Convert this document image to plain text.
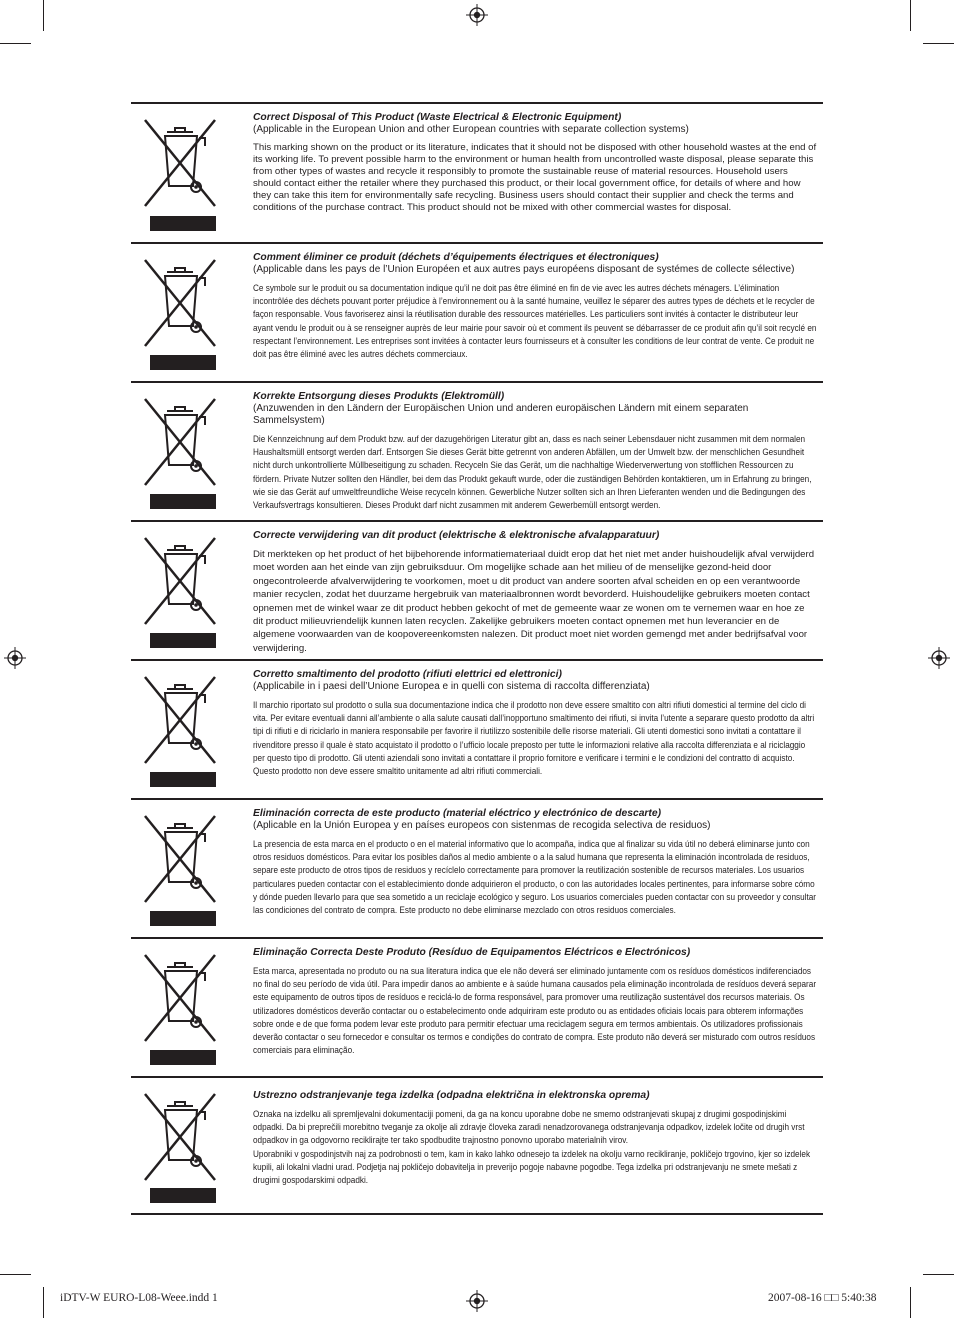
Correct Disposal of This Product (Waste Electrical & Electronic Equipment)

(Applicable in the European Union and other European countries with separate collection systems)

This marking shown on the product or its literature, indicates that it should not be disposed with other household wastes at the end of its working life. To prevent possible harm to the environment or human health from uncontrolled waste disposal, please separate this from other types of wastes and recycle it responsibly to promote the sustainable reuse of material resources. Household users should contact either the retailer where they purchased this product, or their local government office, for details of where and how they can take this item for environmentally safe recycling. Business users should contact their supplier and check the terms and conditions of the purchase contract. This product should not be mixed with other commercial wastes for disposal.

Comment éliminer ce produit (déchets d’équipements électriques et électroniques)

(Applicable dans les pays de l’Union Européen et aux autres pays européens disposant de systémes de collecte sélective)

Ce symbole sur le produit ou sa documentation indique qu’il ne doit pas être éliminé en fin de vie avec les autres déchets ménagers. L’élimination incontrôlée des déchets pouvant porter préjudice à l’environnement ou à la santé humaine, veuillez le séparer des autres types de déchets et le recycler de façon responsable. Vous favoriserez ainsi la réutilisation durable des ressources matérielles. Les particuliers sont invités à contacter le distributeur leur ayant vendu le produit ou à se renseigner auprès de leur mairie pour savoir où et comment ils peuvent se débarrasser de ce produit afin qu’il soit recyclé en respectant l’environnement. Les entreprises sont invitées à contacter leurs fournisseurs et à consulter les conditions de leur contrat de vente. Ce produit ne doit pas être éliminé avec les autres déchets commerciaux.

Korrekte Entsorgung dieses Produkts (Elektromüll)

(Anzuwenden in den Ländern der Europäischen Union und anderen europäischen Ländern mit einem separaten Sammelsystem)

Die Kennzeichnung auf dem Produkt bzw. auf der dazugehörigen Literatur gibt an, dass es nach seiner Lebensdauer nicht zusammen mit dem normalen Haushaltsmüll entsorgt werden darf. Entsorgen Sie dieses Gerät bitte getrennt von anderen Abfällen, um der Umwelt bzw. der menschlichen Gesundheit nicht durch unkontrollierte Müllbeseitigung zu schaden. Recyceln Sie das Gerät, um die nachhaltige Wiederverwertung von stofflichen Ressourcen zu fördern. Private Nutzer sollten den Händler, bei dem das Produkt gekauft wurde, oder die zuständigen Behörden kontaktieren, um in Erfahrung zu bringen, wie sie das Gerät auf umweltfreundliche Weise recyceln können. Gewerbliche Nutzer sollten sich an Ihren Lieferanten wenden und die Bedingungen des Verkaufsvertrags konsultieren. Dieses Produkt darf nicht zusammen mit anderem Gewerbemüll entsorgt werden.

Correcte verwijdering van dit product (elektrische & elektronische afvalapparatuur)

Dit merkteken op het product of het bijbehorende informatiemateriaal duidt erop dat het niet met ander huishoudelijk afval verwijderd moet worden aan het einde van zijn gebruiksduur. Om mogelijke schade aan het milieu of de menselijke gezond-heid door ongecontroleerde afvalverwijdering te voorkomen, moet u dit product van andere soorten afval scheiden en op een verantwoorde manier recyclen, zodat het duurzame hergebruik van materiaalbronnen wordt bevorderd. Huishoudelijke gebruikers moeten contact opnemen met de winkel waar ze dit product hebben gekocht of met de gemeente waar ze wonen om te vernemen waar en hoe ze dit product milieuvriendelijk kunnen laten recyclen. Zakelijke gebruikers moeten contact opnemen met hun leverancier en de algemene voorwaarden van de koopovereenkomsten nalezen. Dit product moet niet worden gemengd met ander bedrijfsafval voor verwijdering.

Corretto smaltimento del prodotto (rifiuti elettrici ed elettronici)

(Applicabile in i paesi dell’Unione Europea e in quelli con sistema di raccolta differenziata)

Il marchio riportato sul prodotto o sulla sua documentazione indica che il prodotto non deve essere smaltito con altri rifiuti domestici al termine del ciclo di vita. Per evitare eventuali danni all’ambiente o alla salute causati dall’inopportuno smaltimento dei rifiuti, si invita l’utente a separare questo prodotto da altri tipi di rifiuti e di riciclarlo in maniera responsabile per favorire il riutilizzo sostenibile delle risorse materiali. Gli utenti domestici sono invitati a contattare il rivenditore presso il quale è stato acquistato il prodotto o l’ufficio locale preposto per tutte le informazioni relative alla raccolta differenziata e al riciclaggio per questo tipo di prodotto. Gli utenti aziendali sono invitati a contattare il proprio fornitore e verificare i termini e le condizioni del contratto di acquisto. Questo prodotto non deve essere smaltito unitamente ad altri rifiuti commerciali.

Eliminación correcta de este producto (material eléctrico y electrónico de descarte)

(Aplicable en la Unión Europea y en países europeos con sistenmas de recogida selectiva de residuos)

La presencia de esta marca en el producto o en el material informativo que lo acompaña, indica que al finalizar su vida útil no deberá eliminarse junto con otros residuos domésticos. Para evitar los posibles daños al medio ambiente o a la salud humana que representa la eliminación incontrolada de residuos, separe este producto de otros tipos de residuos y recíclelo correctamente para promover la reutilización sostenible de recursos materiales. Los usuarios particulares pueden contactar con el establecimiento donde adquirieron el producto, o con las autoridades locales pertinentes, para informarse sobre cómo y dónde pueden llevarlo para que sea sometido a un reciclaje ecológico y seguro. Los usuarios comerciales pueden contactar con su proveedor y consultar las condiciones del contrato de compra. Este producto no debe eliminarse mezclado con otros residuos comerciales.

Eliminação Correcta Deste Produto (Resíduo de Equipamentos Eléctricos e Electrónicos)

Esta marca, apresentada no produto ou na sua literatura indica que ele não deverá ser eliminado juntamente com os resíduos domésticos indiferenciados no final do seu período de vida útil. Para impedir danos ao ambiente e à saúde humana causados pela eliminação incontrolada de resíduos deverá separar este equipamento de outros tipos de resíduos e reciclá-lo de forma responsável, para promover uma reutilização sustentável dos recursos materiais. Os utilizadores domésticos deverão contactar ou o estabelecimento onde adquiriram este produto ou as entidades oficiais locais para obterem informações sobre onde e de que forma podem levar este produto para permitir efectuar uma reciclagem segura em termos ambientais. Os utilizadores profissionais deverão contactar o seu fornecedor e consultar os termos e condições do contrato de compra. Este produto não deverá ser misturado com outros resíduos comerciais para eliminação.

Ustrezno odstranjevanje tega izdelka (odpadna električna in elektronska oprema)

Oznaka na izdelku ali spremljevalni dokumentaciji pomeni, da ga na koncu uporabne dobe ne smemo odstranjevati skupaj z drugimi gospodinjskimi odpadki. Da bi preprečili morebitno tveganje za okolje ali zdravje človeka zaradi nenadzorovanega odstranjevanja odpadkov, izdelek ločite od drugih vrst odpadkov in ga odgovorno reciklirajte ter tako spodbudite trajnostno ponovno uporabo materialnih virov.

Uporabniki v gospodinjstvih naj za podrobnosti o tem, kam in kako lahko odnesejo ta izdelek na okolju varno recikliranje, pokličejo trgovino, kjer so izdelek kupili, ali lokalni vladni urad. Podjetja naj pokličejo dobavitelja in preverijo pogoje nabavne pogodbe. Tega izdelka pri odstranjevanju ne smete mešati z drugimi gospodarskimi odpadki.

iDTV-W EURO-L08-Weee.indd 1	2007-08-16 □□ 5:40:38
